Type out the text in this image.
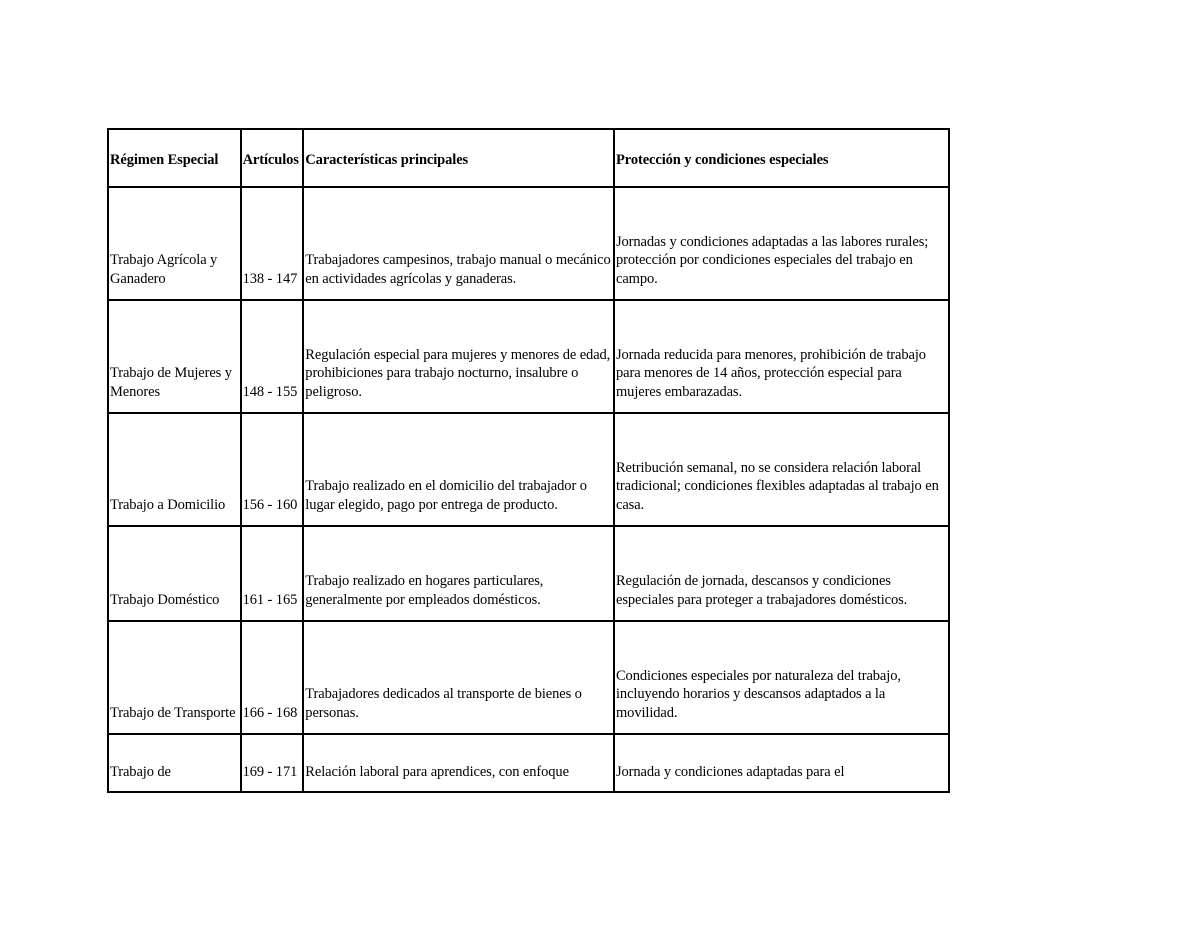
Régimen Especial	Artículos	Características principales	Protección y condiciones especiales
Trabajo Agrícola y Ganadero	138 - 147	Trabajadores campesinos, trabajo manual o mecánico en actividades agrícolas y ganaderas.	Jornadas y condiciones adaptadas a las labores rurales; protección por condiciones especiales del trabajo en campo.
Trabajo de Mujeres y Menores	148 - 155	Regulación especial para mujeres y menores de edad, prohibiciones para trabajo nocturno, insalubre o peligroso.	Jornada reducida para menores, prohibición de trabajo para menores de 14 años, protección especial para mujeres embarazadas.
Trabajo a Domicilio	156 - 160	Trabajo realizado en el domicilio del trabajador o lugar elegido, pago por entrega de producto.	Retribución semanal, no se considera relación laboral tradicional; condiciones flexibles adaptadas al trabajo en casa.
Trabajo Doméstico	161 - 165	Trabajo realizado en hogares particulares, generalmente por empleados domésticos.	Regulación de jornada, descansos y condiciones especiales para proteger a trabajadores domésticos.
Trabajo de Transporte	166 - 168	Trabajadores dedicados al transporte de bienes o personas.	Condiciones especiales por naturaleza del trabajo, incluyendo horarios y descansos adaptados a la movilidad.
Trabajo de	169 - 171	Relación laboral para aprendices, con enfoque	Jornada y condiciones adaptadas para el
